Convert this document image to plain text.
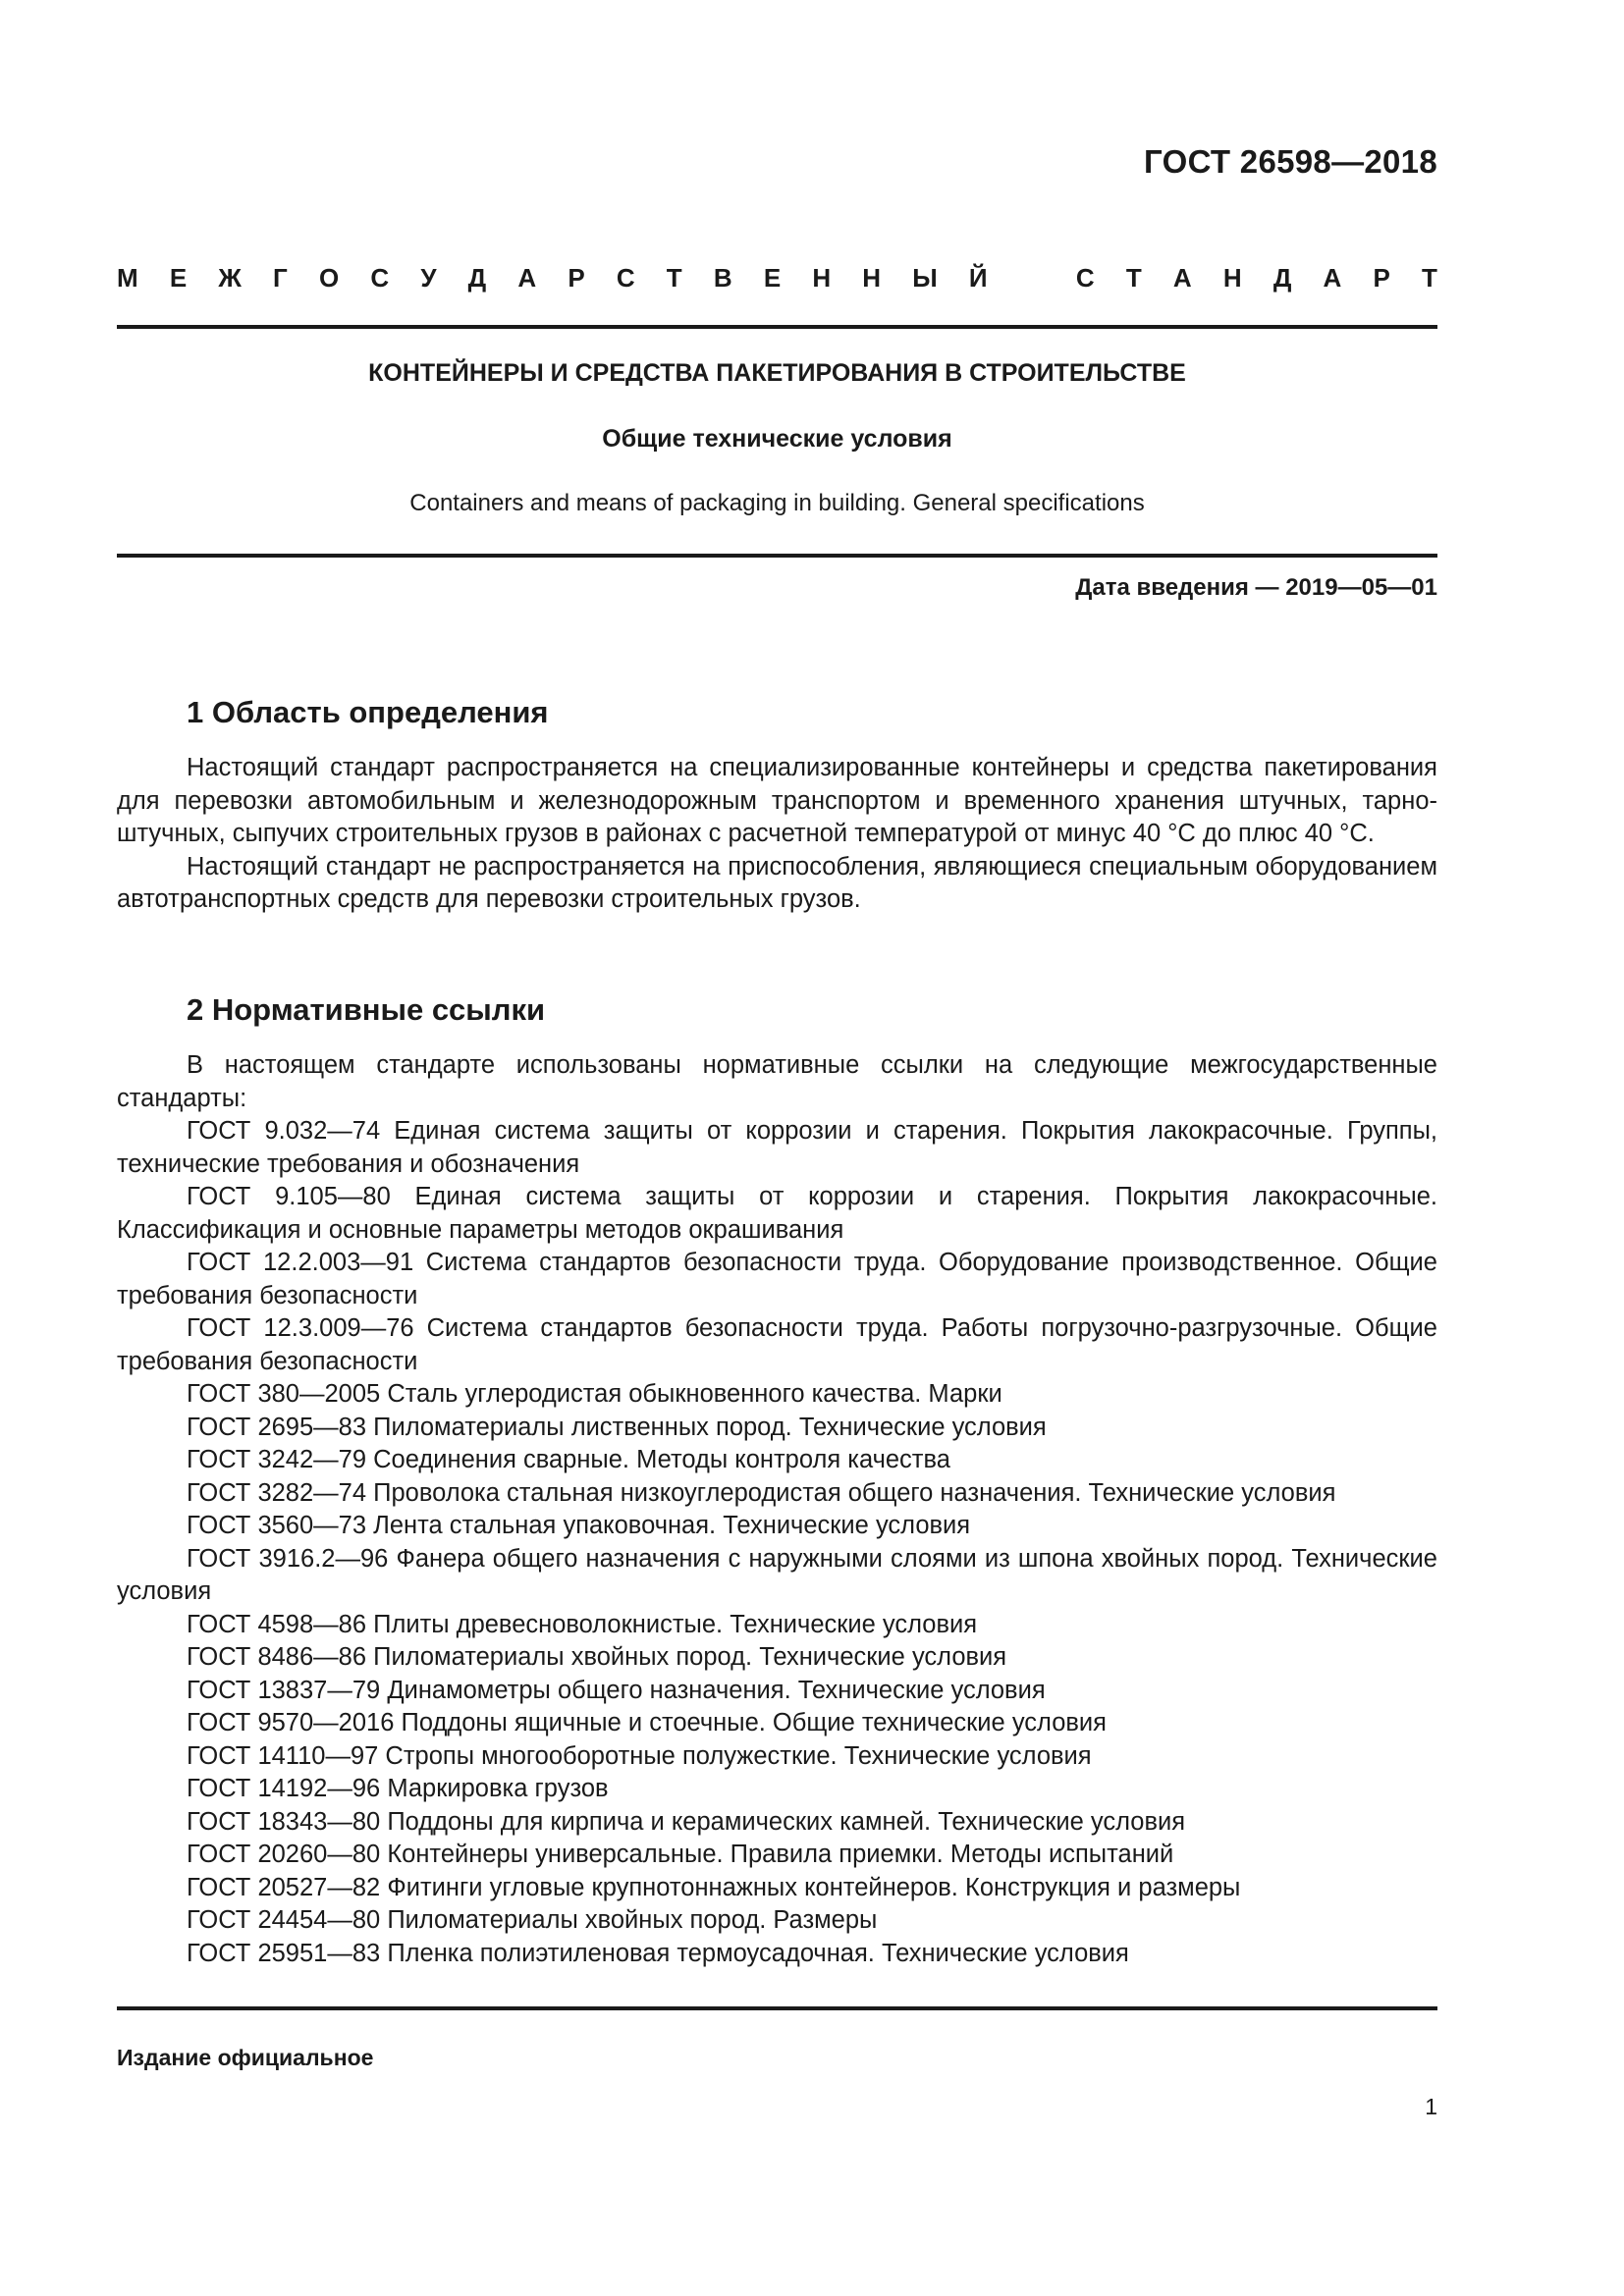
ГОСТ 26598—2018
М Е Ж Г О С У Д А Р С Т В Е Н Н Ы Й	С Т А Н Д А Р Т
КОНТЕЙНЕРЫ И СРЕДСТВА ПАКЕТИРОВАНИЯ В СТРОИТЕЛЬСТВЕ
Общие технические условия
Containers and means of packaging in building. General specifications
Дата введения — 2019—05—01
1 Область определения

Настоящий стандарт распространяется на специализированные контейнеры и средства пакетирования для перевозки автомобильным и железнодорожным транспортом и временного хранения штучных, тарно-штучных, сыпучих строительных грузов в районах с расчетной температурой от минус 40 °С до плюс 40 °С.

Настоящий стандарт не распространяется на приспособления, являющиеся специальным оборудованием автотранспортных средств для перевозки строительных грузов.

2 Нормативные ссылки

В настоящем стандарте использованы нормативные ссылки на следующие межгосударственные стандарты:

ГОСТ 9.032—74 Единая система защиты от коррозии и старения. Покрытия лакокрасочные. Группы, технические требования и обозначения

ГОСТ 9.105—80 Единая система защиты от коррозии и старения. Покрытия лакокрасочные. Классификация и основные параметры методов окрашивания

ГОСТ 12.2.003—91 Система стандартов безопасности труда. Оборудование производственное. Общие требования безопасности

ГОСТ 12.3.009—76 Система стандартов безопасности труда. Работы погрузочно-разгрузочные. Общие требования безопасности

ГОСТ 380—2005 Сталь углеродистая обыкновенного качества. Марки

ГОСТ 2695—83 Пиломатериалы лиственных пород. Технические условия

ГОСТ 3242—79 Соединения сварные. Методы контроля качества

ГОСТ 3282—74 Проволока стальная низкоуглеродистая общего назначения. Технические условия

ГОСТ 3560—73 Лента стальная упаковочная. Технические условия

ГОСТ 3916.2—96 Фанера общего назначения с наружными слоями из шпона хвойных пород. Технические условия

ГОСТ 4598—86 Плиты древесноволокнистые. Технические условия

ГОСТ 8486—86 Пиломатериалы хвойных пород. Технические условия

ГОСТ 13837—79 Динамометры общего назначения. Технические условия

ГОСТ 9570—2016 Поддоны ящичные и стоечные. Общие технические условия

ГОСТ 14110—97 Стропы многооборотные полужесткие. Технические условия

ГОСТ 14192—96 Маркировка грузов

ГОСТ 18343—80 Поддоны для кирпича и керамических камней. Технические условия

ГОСТ 20260—80 Контейнеры универсальные. Правила приемки. Методы испытаний

ГОСТ 20527—82 Фитинги угловые крупнотоннажных контейнеров. Конструкция и размеры

ГОСТ 24454—80 Пиломатериалы хвойных пород. Размеры

ГОСТ 25951—83 Пленка полиэтиленовая термоусадочная. Технические условия

Издание официальное
1
